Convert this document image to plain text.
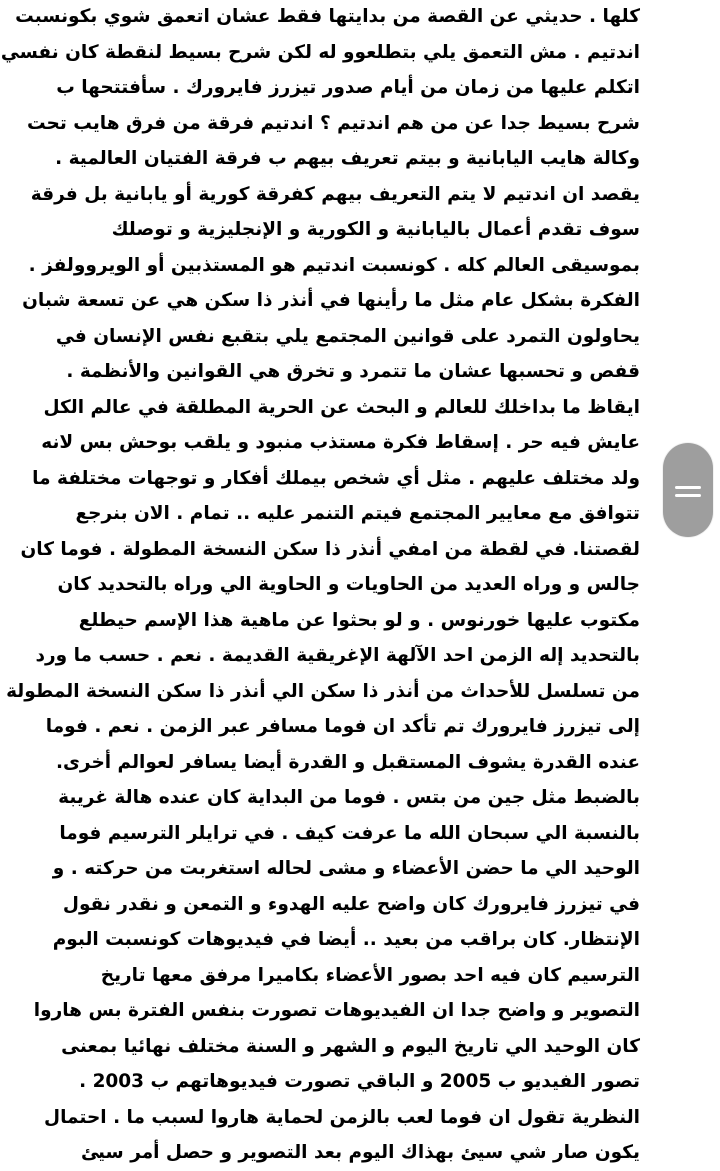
كلها . حديثي عن القصة من بدايتها فقط عشان اتعمق شوي بكونسبت
اندتيم . مش التعمق يلي بتطلعوو له لكن شرح بسيط لنقطة كان نفسي
اتكلم عليها من زمان من أيام صدور تيزرز فايرورك . سأفتتحها ب
شرح بسيط جدا عن من هم اندتيم ؟ اندتيم فرقة من فرق هايب تحت
وكالة هايب اليابانية و بيتم تعريف بيهم ب فرقة الفتيان العالمية .
يقصد ان اندتيم لا يتم التعريف بيهم كفرقة كورية أو يابانية بل فرقة
سوف تقدم أعمال باليابانية و الكورية و الإنجليزية و توصلك
بموسيقى العالم كله . كونسبت اندتيم هو المستذبين أو الويروولفز .
الفكرة بشكل عام مثل ما رأينها في أنذر ذا سكن هي عن تسعة شبان
يحاولون التمرد على قوانين المجتمع يلي بتقبع نفس الإنسان في
قفص و تحسبها عشان ما تتمرد و تخرق هي القوانين والأنظمة .
ايقاظ ما بداخلك للعالم و البحث عن الحرية المطلقة في عالم الكل
عايش فيه حر . إسقاط فكرة مستذب منبود و يلقب بوحش بس لانه
ولد مختلف عليهم . مثل أي شخص بيملك أفكار و توجهات مختلفة ما
تتوافق مع معايير المجتمع فيتم التنمر عليه .. تمام . الان بنرجع
لقصتنا. في لقطة من امفي أنذر ذا سكن النسخة المطولة . فوما كان
جالس و وراه العديد من الحاويات و الحاوية الي وراه بالتحديد كان
مكتوب عليها خورنوس . و لو بحثوا عن ماهية هذا الإسم حيطلع
بالتحديد إله الزمن احد الآلهة الإغريقية القديمة . نعم . حسب ما ورد
من تسلسل للأحداث من أنذر ذا سكن الي أنذر ذا سكن النسخة المطولة
إلى تيزرز فايرورك تم تأكد ان فوما مسافر عبر الزمن . نعم . فوما
عنده القدرة يشوف المستقبل و القدرة أيضا يسافر لعوالم أخرى.
بالضبط مثل جين من بتس . فوما من البداية كان عنده هالة غريبة
بالنسبة الي سبحان الله ما عرفت كيف . في ترايلر الترسيم فوما
الوحيد الي ما حضن الأعضاء و مشى لحاله استغربت من حركته . و
في تيزرز فايرورك كان واضح عليه الهدوء و التمعن و نقدر نقول
الإنتظار. كان براقب من بعيد .. أيضا في فيديوهات كونسبت البوم
الترسيم كان فيه احد بصور الأعضاء بكاميرا مرفق معها تاريخ
التصوير و واضح جدا ان الفيديوهات تصورت بنفس الفترة بس هاروا
كان الوحيد الي تاريخ اليوم و الشهر و السنة مختلف نهائيا بمعنى
تصور الفيديو ب 2005 و الباقي تصورت فيديوهاتهم ب 2003 .
النظرية تقول ان فوما لعب بالزمن لحماية هاروا لسبب ما . احتمال
يكون صار شي سيئ بهذاك اليوم بعد التصوير و حصل أمر سيئ
